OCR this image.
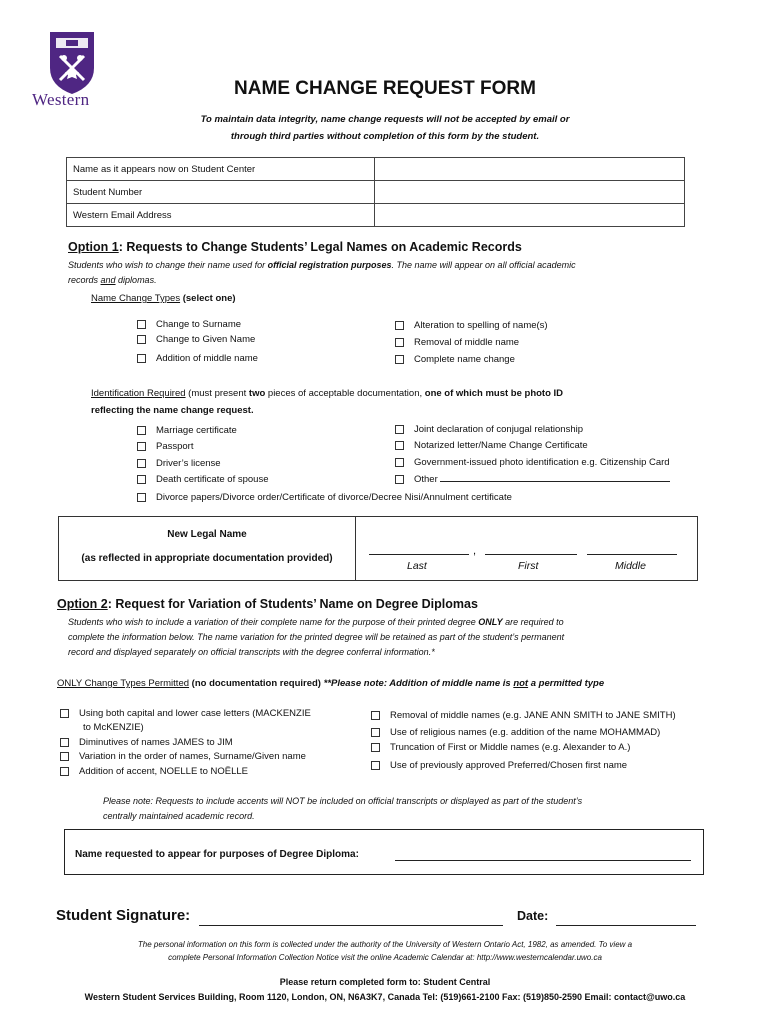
Western
NAME CHANGE REQUEST FORM
To maintain data integrity, name change requests will not be accepted by email or
through third parties without completion of this form by the student.
Name as it appears now on Student Center	
Student Number	
Western Email Address	
Option 1: Requests to Change Students’ Legal Names on Academic Records
Students who wish to change their name used for official registration purposes. The name will appear on all official academic
records and diplomas.
Name Change Types (select one)
Change to Surname
Change to Given Name
Addition of middle name
Alteration to spelling of name(s)
Removal of middle name
Complete name change
Identification Required (must present two pieces of acceptable documentation, one of which must be photo ID
reflecting the name change request.
Marriage certificate
Passport
Driver’s license
Death certificate of spouse
Joint declaration of conjugal relationship
Notarized letter/Name Change Certificate
Government-issued photo identification e.g. Citizenship Card
Other
Divorce papers/Divorce order/Certificate of divorce/Decree Nisi/Annulment certificate
New Legal Name
(as reflected in appropriate documentation provided)
,
Last	First	Middle
Option 2: Request for Variation of Students’ Name on Degree Diplomas
Students who wish to include a variation of their complete name for the purpose of their printed degree ONLY are required to
complete the information below. The name variation for the printed degree will be retained as part of the student’s permanent
record and displayed separately on official transcripts with the degree conferral information.*
ONLY Change Types Permitted (no documentation required) **Please note: Addition of middle name is not a permitted type
Using both capital and lower case letters (MACKENZIE
to McKENZIE)
Diminutives of names JAMES to JIM
Variation in the order of names, Surname/Given name
Addition of accent, NOELLE to NOËLLE
Removal of middle names (e.g. JANE ANN SMITH to JANE SMITH)
Use of religious names (e.g. addition of the name MOHAMMAD)
Truncation of First or Middle names (e.g. Alexander to A.)
Use of previously approved Preferred/Chosen first name
Please note: Requests to include accents will NOT be included on official transcripts or displayed as part of the student’s
centrally maintained academic record.
Name requested to appear for purposes of Degree Diploma:
Student Signature:	Date:
The personal information on this form is collected under the authority of the University of Western Ontario Act, 1982, as amended. To view a
complete Personal Information Collection Notice visit the online Academic Calendar at: http://www.westerncalendar.uwo.ca
Please return completed form to: Student Central
Western Student Services Building, Room 1120, London, ON, N6A3K7, Canada Tel: (519)661-2100 Fax: (519)850-2590 Email: contact@uwo.ca
